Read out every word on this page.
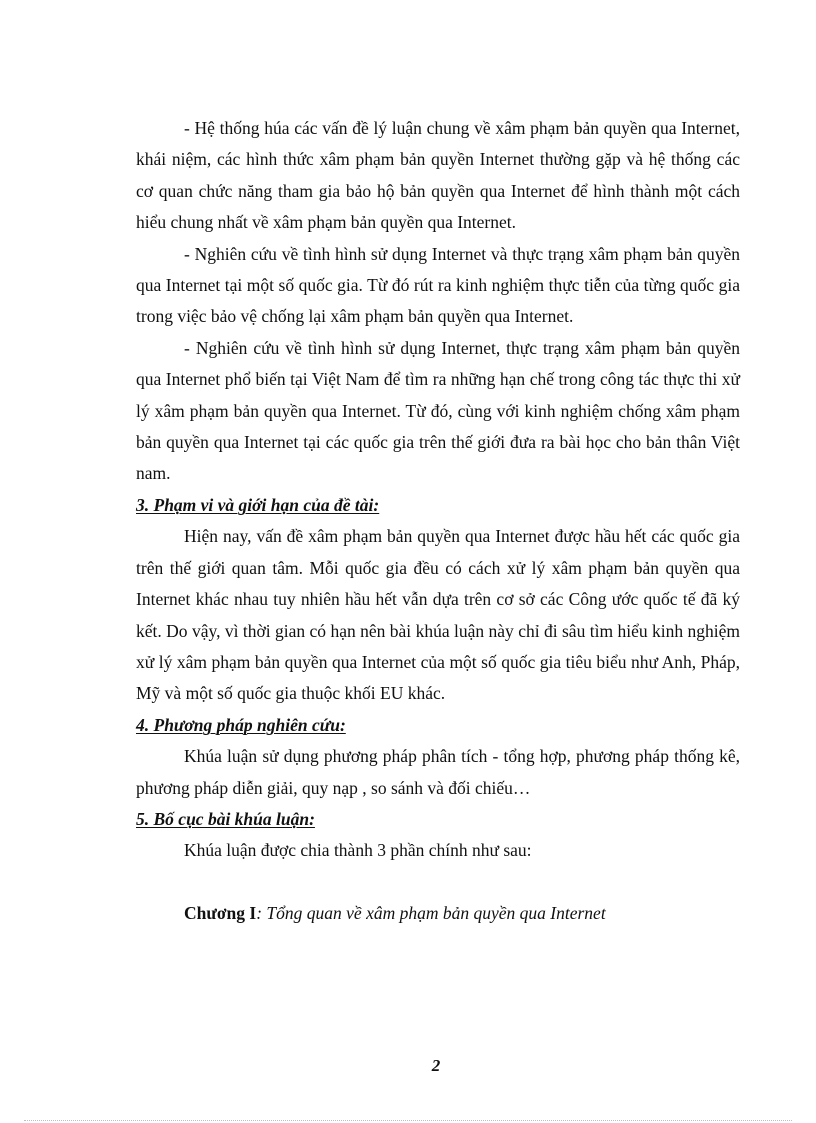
- Hệ thống húa các vấn đề lý luận chung về xâm phạm bản quyền qua Internet, khái niệm, các hình thức xâm phạm bản quyền Internet thường gặp và hệ thống các cơ quan chức năng tham gia bảo hộ bản quyền qua Internet để hình thành một cách hiểu chung nhất về xâm phạm bản quyền qua Internet.

- Nghiên cứu về tình hình sử dụng Internet và thực trạng xâm phạm bản quyền qua Internet tại một số quốc gia. Từ đó rút ra kinh nghiệm thực tiễn của từng quốc gia trong việc bảo vệ chống lại xâm phạm bản quyền qua Internet.

- Nghiên cứu về tình hình sử dụng Internet, thực trạng xâm phạm bản quyền qua Internet phổ biến tại Việt Nam để tìm ra những hạn chế trong công tác thực thi xử lý xâm phạm bản quyền qua Internet. Từ đó, cùng với kinh nghiệm chống xâm phạm bản quyền qua Internet tại các quốc gia trên thế giới đưa ra bài học cho bản thân Việt nam.

3. Phạm vi và giới hạn của đề tài:

Hiện nay, vấn đề xâm phạm bản quyền qua Internet được hầu hết các quốc gia trên thế giới quan tâm. Mỗi quốc gia đều có cách xử lý xâm phạm bản quyền qua Internet khác nhau tuy nhiên hầu hết vẫn dựa trên cơ sở các Công ước quốc tế đã ký kết. Do vậy, vì thời gian có hạn nên bài khúa luận này chỉ đi sâu tìm hiểu kinh nghiệm xử lý xâm phạm bản quyền qua Internet của một số quốc gia tiêu biểu như Anh, Pháp, Mỹ và một số quốc gia thuộc khối EU khác.

4. Phương pháp nghiên cứu:

Khúa luận sử dụng phương pháp phân tích - tổng hợp, phương pháp thống kê, phương pháp diễn giải, quy nạp , so sánh và đối chiếu…

5. Bố cục bài khúa luận:

Khúa luận được chia thành 3 phần chính như sau:

Chương I: Tổng quan về xâm phạm bản quyền qua Internet

2
